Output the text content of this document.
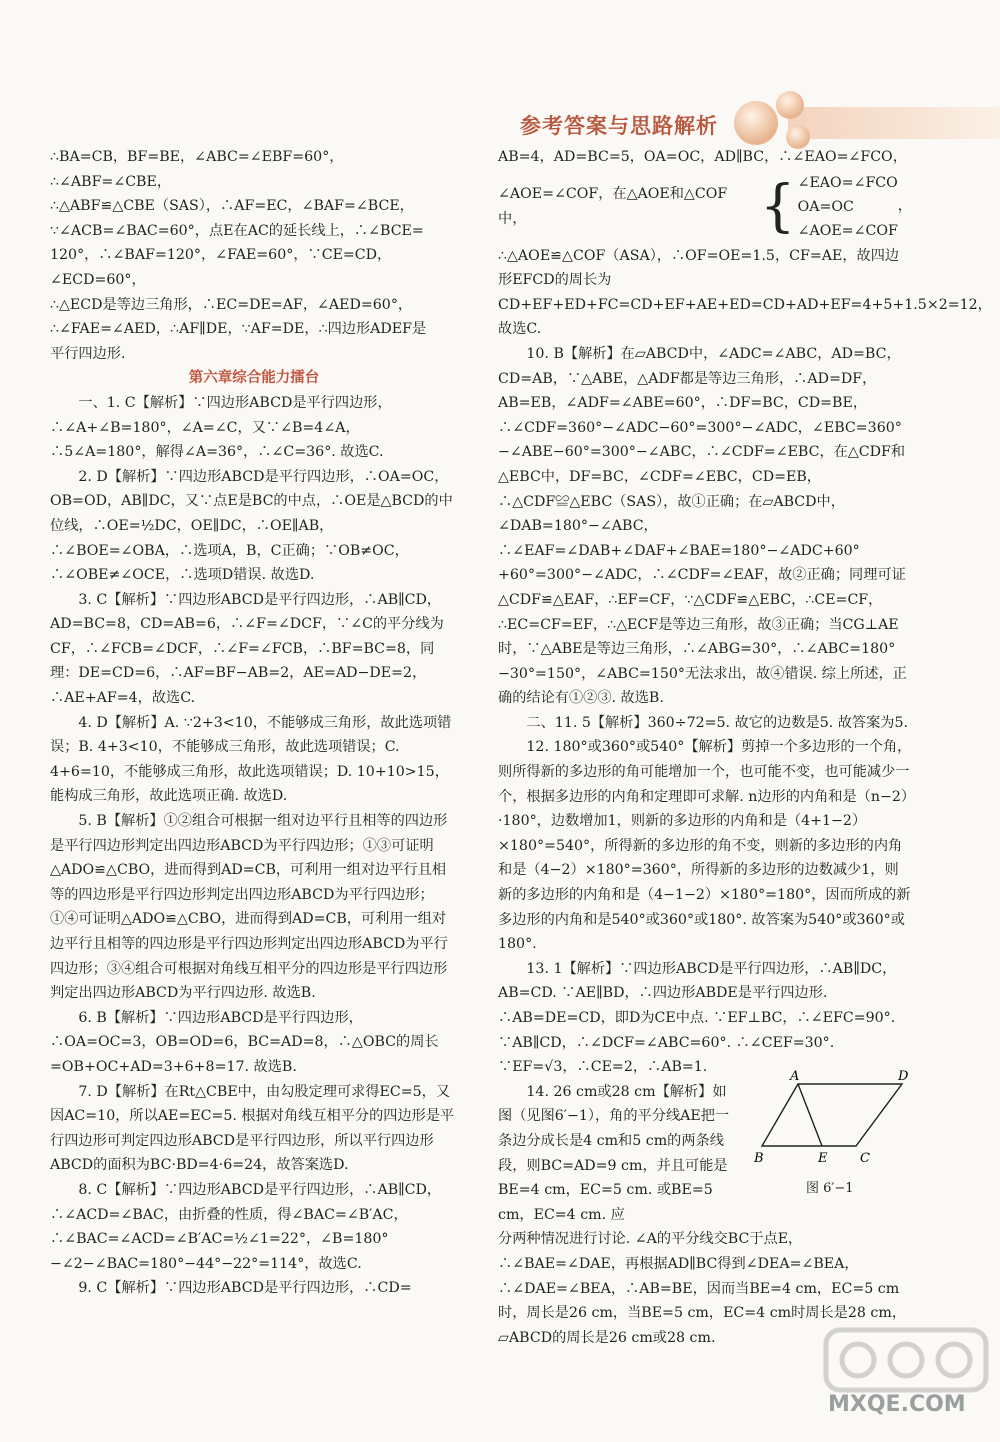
参考答案与思路解析

∴BA=CB，BF=BE，∠ABC=∠EBF=60°，∴∠ABF=∠CBE，

∴△ABF≌△CBE（SAS），∴AF=EC，∠BAF=∠BCE，

∵∠ACB=∠BAC=60°，点E在AC的延长线上，∴∠BCE=

120°，∴∠BAF=120°，∠FAE=60°，∵CE=CD，∠ECD=60°，

∴△ECD是等边三角形，∴EC=DE=AF，∠AED=60°，

∴∠FAE=∠AED，∴AF∥DE，∵AF=DE，∴四边形ADEF是

平行四边形.

第六章综合能力擂台

一、1. C【解析】∵四边形ABCD是平行四边形，∴∠A+∠B=180°，∠A=∠C，又∵∠B=4∠A，∴5∠A=180°，解得∠A=36°，∴∠C=36°. 故选C.

2. D【解析】∵四边形ABCD是平行四边形，∴OA=OC，OB=OD，AB∥DC，又∵点E是BC的中点，∴OE是△BCD的中位线，∴OE=½DC，OE∥DC，∴OE∥AB，∴∠BOE=∠OBA，∴选项A，B，C正确；∵OB≠OC，∴∠OBE≠∠OCE，∴选项D错误. 故选D.

3. C【解析】∵四边形ABCD是平行四边形，∴AB∥CD，AD=BC=8，CD=AB=6，∴∠F=∠DCF，∵∠C的平分线为CF，∴∠FCB=∠DCF，∴∠F=∠FCB，∴BF=BC=8，同理：DE=CD=6，∴AF=BF−AB=2，AE=AD−DE=2，∴AE+AF=4，故选C.

4. D【解析】A. ∵2+3<10，不能够成三角形，故此选项错误；B. 4+3<10，不能够成三角形，故此选项错误；C. 4+6=10，不能够成三角形，故此选项错误；D. 10+10>15，能构成三角形，故此选项正确. 故选D.

5. B【解析】①②组合可根据一组对边平行且相等的四边形是平行四边形判定出四边形ABCD为平行四边形；①③可证明△ADO≌△CBO，进而得到AD=CB，可利用一组对边平行且相等的四边形是平行四边形判定出四边形ABCD为平行四边形；①④可证明△ADO≌△CBO，进而得到AD=CB，可利用一组对边平行且相等的四边形是平行四边形判定出四边形ABCD为平行四边形；③④组合可根据对角线互相平分的四边形是平行四边形判定出四边形ABCD为平行四边形. 故选B.

6. B【解析】∵四边形ABCD是平行四边形，∴OA=OC=3，OB=OD=6，BC=AD=8，∴△OBC的周长=OB+OC+AD=3+6+8=17. 故选B.

7. D【解析】在Rt△CBE中，由勾股定理可求得EC=5，又因AC=10，所以AE=EC=5. 根据对角线互相平分的四边形是平行四边形可判定四边形ABCD是平行四边形，所以平行四边形ABCD的面积为BC·BD=4·6=24，故答案选D.

8. C【解析】∵四边形ABCD是平行四边形，∴AB∥CD，∴∠ACD=∠BAC，由折叠的性质，得∠BAC=∠B′AC，∴∠BAC=∠ACD=∠B′AC=½∠1=22°，∠B=180°−∠2−∠BAC=180°−44°−22°=114°，故选C.

9. C【解析】∵四边形ABCD是平行四边形，∴CD=

AB=4，AD=BC=5，OA=OC，AD∥BC，∴∠EAO=∠FCO，

∠AOE=∠COF，在△AOE和△COF中，	{ ∠EAO=∠FCO
OA=OC
∠AOE=∠COF
，

∴△AOE≌△COF（ASA），∴OF=OE=1.5，CF=AE，故四边形EFCD的周长为CD+EF+ED+FC=CD+EF+AE+ED=CD+AD+EF=4+5+1.5×2=12，故选C.

10. B【解析】在▱ABCD中，∠ADC=∠ABC，AD=BC，CD=AB，∵△ABE，△ADF都是等边三角形，∴AD=DF，AB=EB，∠ADF=∠ABE=60°，∴DF=BC，CD=BE，∴∠CDF=360°−∠ADC−60°=300°−∠ADC，∠EBC=360°−∠ABE−60°=300°−∠ABC，∴∠CDF=∠EBC，在△CDF和△EBC中，DF=BC，∠CDF=∠EBC，CD=EB，∴△CDF≌△EBC（SAS），故①正确；在▱ABCD中，∠DAB=180°−∠ABC，∴∠EAF=∠DAB+∠DAF+∠BAE=180°−∠ADC+60°+60°=300°−∠ADC，∴∠CDF=∠EAF，故②正确；同理可证△CDF≌△EAF，∴EF=CF，∵△CDF≌△EBC，∴CE=CF，∴EC=CF=EF，∴△ECF是等边三角形，故③正确；当CG⊥AE时，∵△ABE是等边三角形，∴∠ABG=30°，∴∠ABC=180°−30°=150°，∠ABC=150°无法求出，故④错误. 综上所述，正确的结论有①②③. 故选B.

二、11. 5【解析】360÷72=5. 故它的边数是5. 故答案为5.

12. 180°或360°或540°【解析】剪掉一个多边形的一个角，则所得新的多边形的角可能增加一个，也可能不变，也可能减少一个，根据多边形的内角和定理即可求解. n边形的内角和是（n−2）·180°，边数增加1，则新的多边形的内角和是（4+1−2）×180°=540°，所得新的多边形的角不变，则新的多边形的内角和是（4−2）×180°=360°，所得新的多边形的边数减少1，则新的多边形的内角和是（4−1−2）×180°=180°，因而所成的新多边形的内角和是540°或360°或180°. 故答案为540°或360°或180°.

13. 1【解析】∵四边形ABCD是平行四边形，∴AB∥DC，AB=CD. ∵AE∥BD，∴四边形ABDE是平行四边形. ∴AB=DE=CD，即D为CE中点. ∵EF⊥BC，∴∠EFC=90°. ∵AB∥CD，∴∠DCF=∠ABC=60°. ∴∠CEF=30°. ∵EF=√3，∴CE=2，∴AB=1.

14. 26 cm或28 cm【解析】如图（见图6′−1），角的平分线AE把一条边分成长是4 cm和5 cm的两条线段，则BC=AD=9 cm，并且可能是BE=4 cm，EC=5 cm. 或BE=5 cm，EC=4 cm. 应

分两种情况进行讨论. ∠A的平分线交BC于点E，∴∠BAE=∠DAE，再根据AD∥BC得到∠DEA=∠BEA，∴∠DAE=∠BEA，∴AB=BE，因而当BE=4 cm，EC=5 cm时，周长是26 cm，当BE=5 cm，EC=4 cm时周长是28 cm，▱ABCD的周长是26 cm或28 cm.

A	D
B	E	C
图 6′−1
MXQE.COM
